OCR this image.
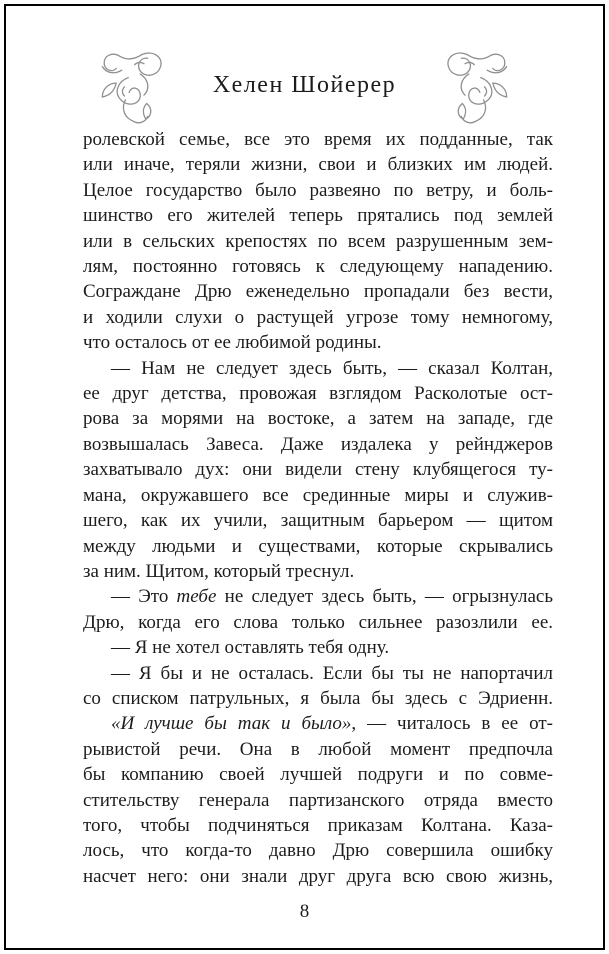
Хелен Шойерер
ролевской семье, все это время их подданные, так
или иначе, теряли жизни, свои и близких им людей.
Целое государство было развеяно по ветру, и боль-
шинство его жителей теперь прятались под землей
или в сельских крепостях по всем разрушенным зем-
лям, постоянно готовясь к следующему нападению.
Сограждане Дрю еженедельно пропадали без вести,
и ходили слухи о растущей угрозе тому немногому,
что осталось от ее любимой родины.
— Нам не следует здесь быть, — сказал Колтан,
ее друг детства, провожая взглядом Расколотые ост-
рова за морями на востоке, а затем на западе, где
возвышалась Завеса. Даже издалека у рейнджеров
захватывало дух: они видели стену клубящегося ту-
мана, окружавшего все срединные миры и служив-
шего, как их учили, защитным барьером — щитом
между людьми и существами, которые скрывались
за ним. Щитом, который треснул.
— Это тебе не следует здесь быть, — огрызнулась
Дрю, когда его слова только сильнее разозлили ее.
— Я не хотел оставлять тебя одну.
— Я бы и не осталась. Если бы ты не напортачил
со списком патрульных, я была бы здесь с Эдриенн.
«И лучше бы так и было», — читалось в ее от-
рывистой речи. Она в любой момент предпочла
бы компанию своей лучшей подруги и по совме-
стительству генерала партизанского отряда вместо
того, чтобы подчиняться приказам Колтана. Каза-
лось, что когда-то давно Дрю совершила ошибку
насчет него: они знали друг друга всю свою жизнь,
8
